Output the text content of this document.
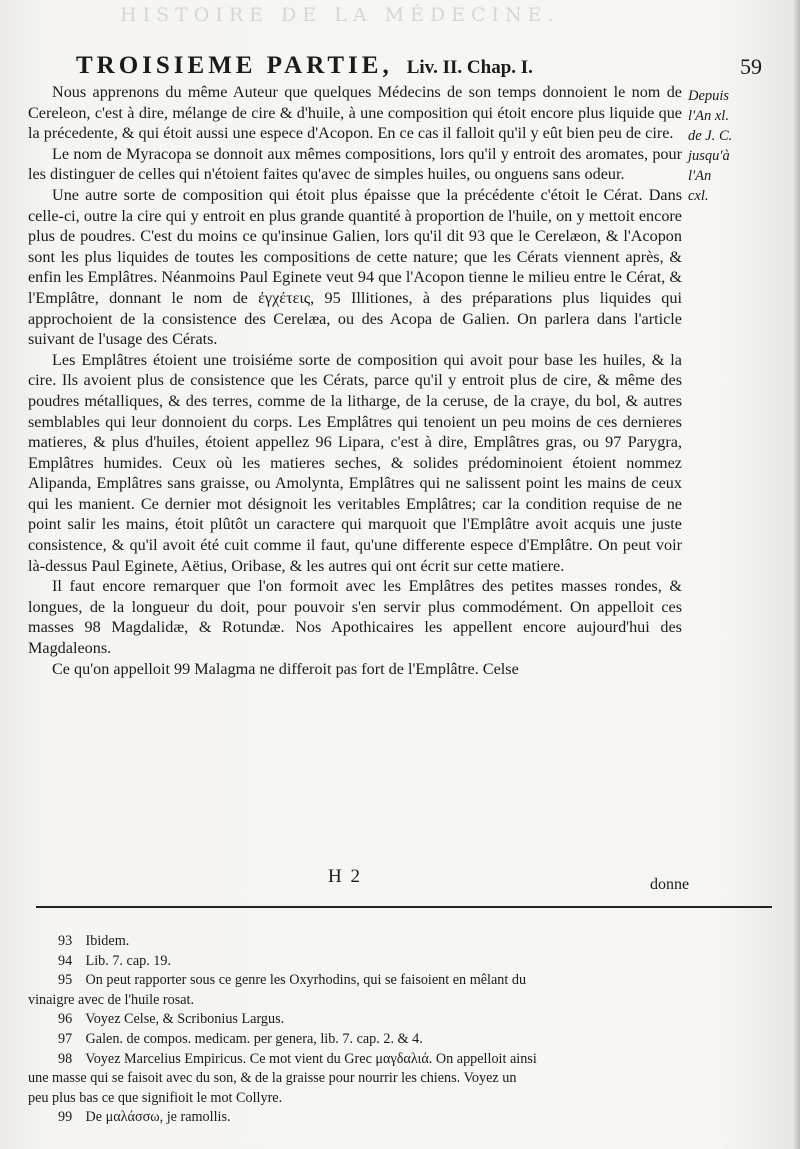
HISTOIRE DE LA MÉDECINE.
TROISIEME PARTIE, Liv. II. Chap. I.	59
Depuis
l'An xl.
de J. C.
jusqu'à
l'An
cxl.

Nous apprenons du même Auteur que quelques Médecins de son temps donnoient le nom de Cereleon, c'est à dire, mélange de cire & d'huile, à une composition qui étoit encore plus liquide que la précedente, & qui étoit aussi une espece d'Acopon. En ce cas il falloit qu'il y eût bien peu de cire.

Le nom de Myracopa se donnoit aux mêmes compositions, lors qu'il y entroit des aromates, pour les distinguer de celles qui n'étoient faites qu'avec de simples huiles, ou onguens sans odeur.

Une autre sorte de composition qui étoit plus épaisse que la précédente c'étoit le Cérat. Dans celle-ci, outre la cire qui y entroit en plus grande quantité à proportion de l'huile, on y mettoit encore plus de poudres. C'est du moins ce qu'insinue Galien, lors qu'il dit 93 que le Cerelæon, & l'Acopon sont les plus liquides de toutes les compositions de cette nature; que les Cérats viennent après, & enfin les Emplâtres. Néanmoins Paul Eginete veut 94 que l'Acopon tienne le milieu entre le Cérat, & l'Emplâtre, donnant le nom de ἐγχέτεις, 95 Illitiones, à des préparations plus liquides qui approchoient de la consistence des Cerelæa, ou des Acopa de Galien. On parlera dans l'article suivant de l'usage des Cérats.

Les Emplâtres étoient une troisiéme sorte de composition qui avoit pour base les huiles, & la cire. Ils avoient plus de consistence que les Cérats, parce qu'il y entroit plus de cire, & même des poudres métalliques, & des terres, comme de la litharge, de la ceruse, de la craye, du bol, & autres semblables qui leur donnoient du corps. Les Emplâtres qui tenoient un peu moins de ces dernieres matieres, & plus d'huiles, étoient appellez 96 Lipara, c'est à dire, Emplâtres gras, ou 97 Parygra, Emplâtres humides. Ceux où les matieres seches, & solides prédominoient étoient nommez Alipanda, Emplâtres sans graisse, ou Amolynta, Emplâtres qui ne salissent point les mains de ceux qui les manient. Ce dernier mot désignoit les veritables Emplâtres; car la condition requise de ne point salir les mains, étoit plûtôt un caractere qui marquoit que l'Emplâtre avoit acquis une juste consistence, & qu'il avoit été cuit comme il faut, qu'une differente espece d'Emplâtre. On peut voir là-dessus Paul Eginete, Aëtius, Oribase, & les autres qui ont écrit sur cette matiere.

Il faut encore remarquer que l'on formoit avec les Emplâtres des petites masses rondes, & longues, de la longueur du doit, pour pouvoir s'en servir plus commodément. On appelloit ces masses 98 Magdalidæ, & Rotundæ. Nos Apothicaires les appellent encore aujourd'hui des Magdaleons.

Ce qu'on appelloit 99 Malagma ne differoit pas fort de l'Emplâtre. Celse

H 2	donne

93 Ibidem.

94 Lib. 7. cap. 19.

95 On peut rapporter sous ce genre les Oxyrhodins, qui se faisoient en mêlant du

vinaigre avec de l'huile rosat.

96 Voyez Celse, & Scribonius Largus.

97 Galen. de compos. medicam. per genera, lib. 7. cap. 2. & 4.

98 Voyez Marcelius Empiricus. Ce mot vient du Grec μαγδαλιά. On appelloit ainsi

une masse qui se faisoit avec du son, & de la graisse pour nourrir les chiens. Voyez un

peu plus bas ce que signifioit le mot Collyre.

99 De μαλάσσω, je ramollis.
